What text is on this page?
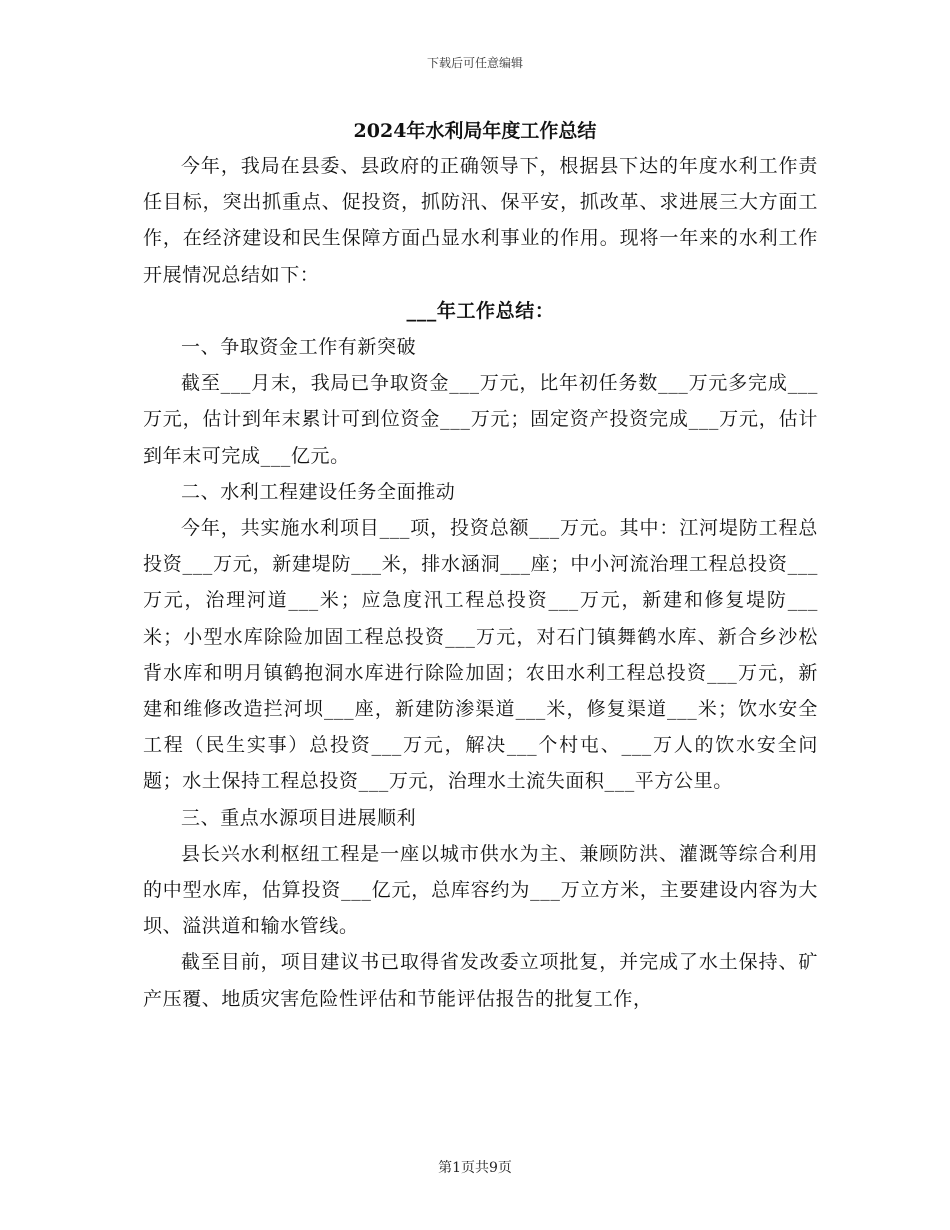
下载后可任意编辑
2024年水利局年度工作总结

今年，我局在县委、县政府的正确领导下，根据县下达的年度水利工作责任目标，突出抓重点、促投资，抓防汛、保平安，抓改革、求进展三大方面工作，在经济建设和民生保障方面凸显水利事业的作用。现将一年来的水利工作开展情况总结如下：

___年工作总结：

一、争取资金工作有新突破

截至___月末，我局已争取资金___万元，比年初任务数___万元多完成___万元，估计到年末累计可到位资金___万元；固定资产投资完成___万元，估计到年末可完成___亿元。

二、水利工程建设任务全面推动

今年，共实施水利项目___项，投资总额___万元。其中：江河堤防工程总投资___万元，新建堤防___米，排水涵洞___座；中小河流治理工程总投资___万元，治理河道___米；应急度汛工程总投资___万元，新建和修复堤防___米；小型水库除险加固工程总投资___万元，对石门镇舞鹤水库、新合乡沙松背水库和明月镇鹤抱洞水库进行除险加固；农田水利工程总投资___万元，新建和维修改造拦河坝___座，新建防渗渠道___米，修复渠道___米；饮水安全工程（民生实事）总投资___万元，解决___个村屯、___万人的饮水安全问题；水土保持工程总投资___万元，治理水土流失面积___平方公里。

三、重点水源项目进展顺利

县长兴水利枢纽工程是一座以城市供水为主、兼顾防洪、灌溉等综合利用的中型水库，估算投资___亿元，总库容约为___万立方米，主要建设内容为大坝、溢洪道和输水管线。

截至目前，项目建议书已取得省发改委立项批复，并完成了水土保持、矿产压覆、地质灾害危险性评估和节能评估报告的批复工作，

第1页共9页
